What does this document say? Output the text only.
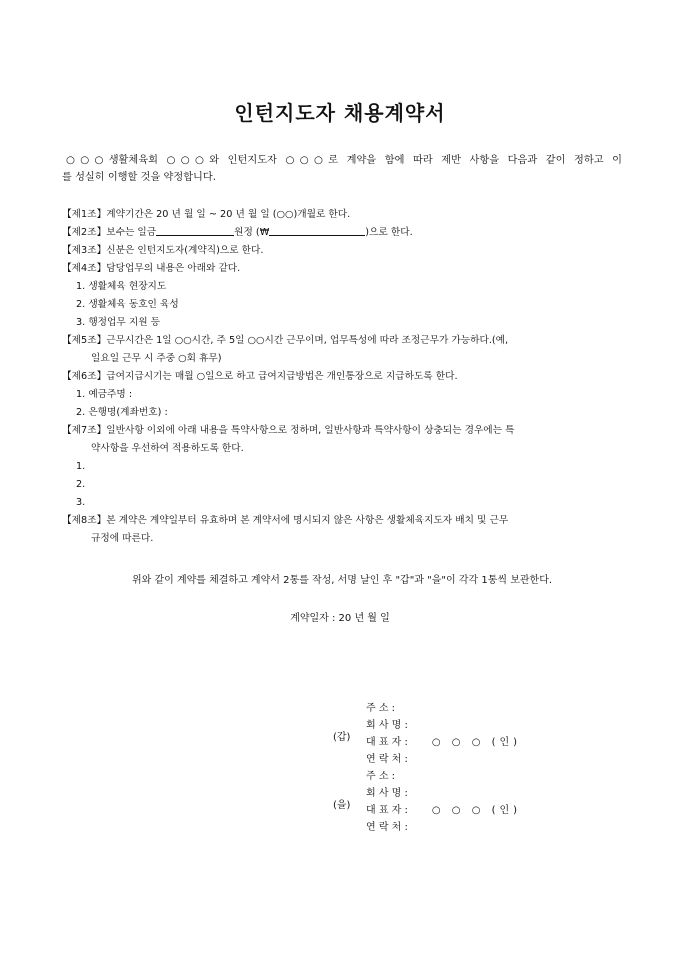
인턴지도자 채용계약서
○○○생활체육회 ○○○와 인턴지도자 ○○○로 계약을 함에 따라 제반 사항을 다음과 같이 정하고 이
를 성실히 이행할 것을 약정합니다.
【제1조】계약기간은 20 년 월 일 ~ 20 년 월 일 (○○)개월로 한다.
【제2조】보수는 일금	원정 (₩	)으로 한다.
【제3조】신분은 인턴지도자(계약직)으로 한다.
【제4조】담당업무의 내용은 아래와 같다.
1. 생활체육 현장지도
2. 생활체육 동호인 육성
3. 행정업무 지원 등
【제5조】근무시간은 1일 ○○시간, 주 5일 ○○시간 근무이며, 업무특성에 따라 조정근무가 가능하다.(예,
일요일 근무 시 주중 ○회 휴무)
【제6조】급여지급시기는 매월 ○일으로 하고 급여지급방법은 개인통장으로 지급하도록 한다.
1. 예금주명 :
2. 은행명(계좌번호) :
【제7조】일반사항 이외에 아래 내용을 특약사항으로 정하며, 일반사항과 특약사항이 상충되는 경우에는 특
약사항을 우선하여 적용하도록 한다.
1.
2.
3.
【제8조】본 계약은 계약일부터 유효하며 본 계약서에 명시되지 않은 사항은 생활체육지도자 배치 및 근무
규정에 따른다.
위와 같이 계약를 체결하고 계약서 2통를 작성, 서명 날인 후 "갑"과 "을"이 각각 1통씩 보관한다.
계약일자 : 20 년 월 일
(갑)
주 소 :
회 사 명 :
대 표 자 : ○ ○ ○ (인)
연 락 처 :
(을)
주 소 :
회 사 명 :
대 표 자 : ○ ○ ○ (인)
연 락 처 :
